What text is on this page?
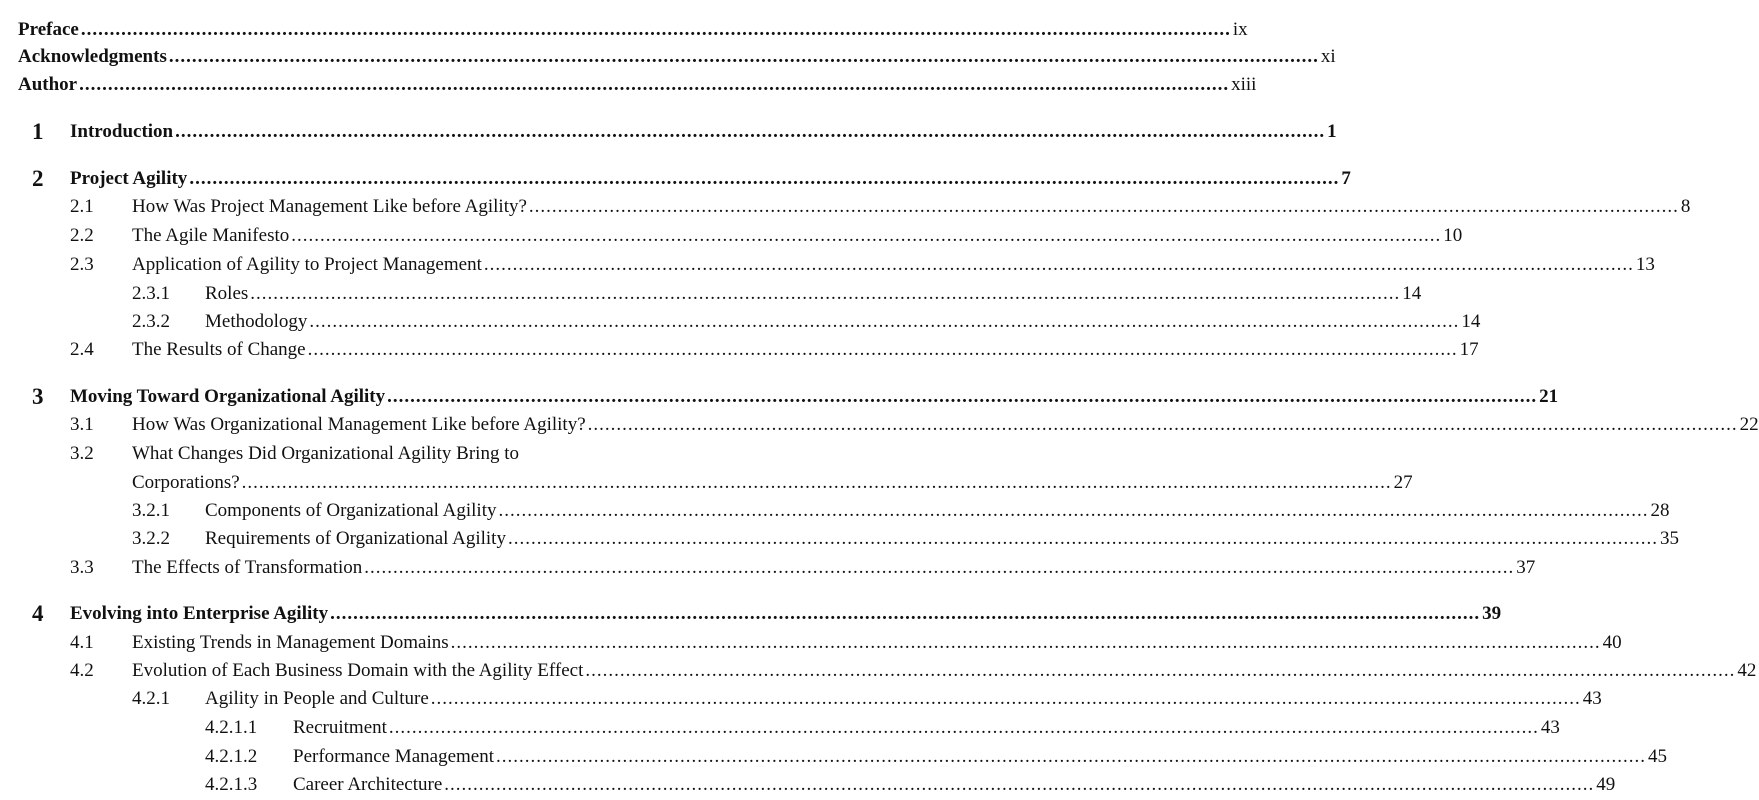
Preface ........................................................................................................................................................................................................ ix
Acknowledgments ........................................................................................................................................................................................................ xi
Author ........................................................................................................................................................................................................ xiii
1 Introduction ........................................................................................................................................................................................................ 1
2 Project Agility ........................................................................................................................................................................................................ 7
2.1 How Was Project Management Like before Agility? ........................................................................................................................................................................................................ 8
2.2 The Agile Manifesto ........................................................................................................................................................................................................ 10
2.3 Application of Agility to Project Management ........................................................................................................................................................................................................ 13
2.3.1 Roles ........................................................................................................................................................................................................ 14
2.3.2 Methodology ........................................................................................................................................................................................................ 14
2.4 The Results of Change ........................................................................................................................................................................................................ 17
3 Moving Toward Organizational Agility ........................................................................................................................................................................................................ 21
3.1 How Was Organizational Management Like before Agility? ........................................................................................................................................................................................................ 22
3.2 What Changes Did Organizational Agility Bring to
Corporations? ........................................................................................................................................................................................................ 27
3.2.1 Components of Organizational Agility ........................................................................................................................................................................................................ 28
3.2.2 Requirements of Organizational Agility ........................................................................................................................................................................................................ 35
3.3 The Effects of Transformation ........................................................................................................................................................................................................ 37
4 Evolving into Enterprise Agility ........................................................................................................................................................................................................ 39
4.1 Existing Trends in Management Domains ........................................................................................................................................................................................................ 40
4.2 Evolution of Each Business Domain with the Agility Effect ........................................................................................................................................................................................................ 42
4.2.1 Agility in People and Culture ........................................................................................................................................................................................................ 43
4.2.1.1 Recruitment ........................................................................................................................................................................................................ 43
4.2.1.2 Performance Management ........................................................................................................................................................................................................ 45
4.2.1.3 Career Architecture ........................................................................................................................................................................................................ 49
